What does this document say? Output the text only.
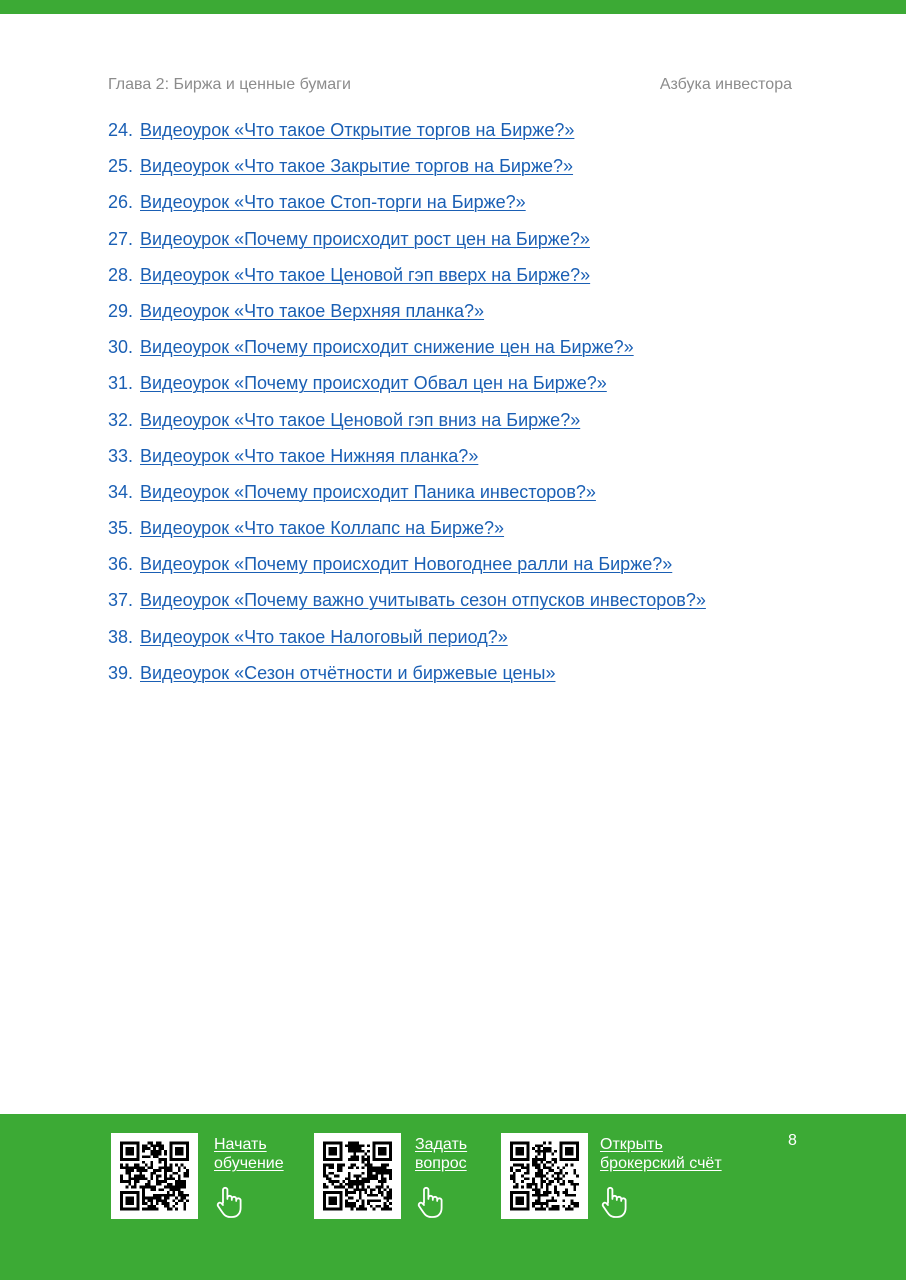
Глава 2: Биржа и ценные бумаги	Азбука инвестора
24. Видеоурок «Что такое Открытие торгов на Бирже?»
25. Видеоурок «Что такое Закрытие торгов на Бирже?»
26. Видеоурок «Что такое Стоп-торги на Бирже?»
27. Видеоурок «Почему происходит рост цен на Бирже?»
28. Видеоурок «Что такое Ценовой гэп вверх на Бирже?»
29. Видеоурок «Что такое Верхняя планка?»
30. Видеоурок «Почему происходит снижение цен на Бирже?»
31. Видеоурок «Почему происходит Обвал цен на Бирже?»
32. Видеоурок «Что такое Ценовой гэп вниз на Бирже?»
33. Видеоурок «Что такое Нижняя планка?»
34. Видеоурок «Почему происходит Паника инвесторов?»
35. Видеоурок «Что такое Коллапс на Бирже?»
36. Видеоурок «Почему происходит Новогоднее ралли на Бирже?»
37. Видеоурок «Почему важно учитывать сезон отпусков инвесторов?»
38. Видеоурок «Что такое Налоговый период?»
39. Видеоурок «Сезон отчётности и биржевые цены»
Начать
обучение
Задать
вопрос
Открыть
брокерский счёт
8
